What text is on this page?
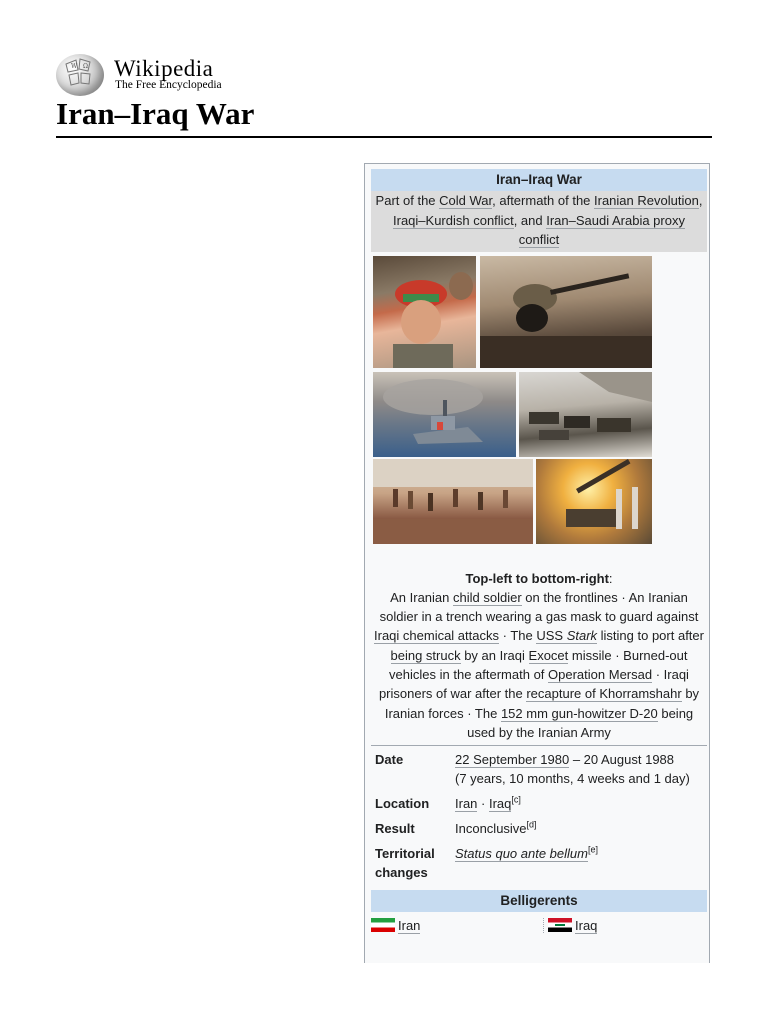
W Ω Wikipedia
The Free Encyclopedia
Iran–Iraq War
Iran–Iraq War
Part of the Cold War, aftermath of the Iranian Revolution, Iraqi–Kurdish conflict, and Iran–Saudi Arabia proxy conflict
Top-left to bottom-right:
An Iranian child soldier on the frontlines · An Iranian soldier in a trench wearing a gas mask to guard against Iraqi chemical attacks · The USS Stark listing to port after being struck by an Iraqi Exocet missile · Burned-out vehicles in the aftermath of Operation Mersad · Iraqi prisoners of war after the recapture of Khorramshahr by Iranian forces · The 152 mm gun-howitzer D-20 being used by the Iranian Army
Date	22 September 1980 – 20 August 1988
(7 years, 10 months, 4 weeks and 1 day)
Location	Iran · Iraq[c]
Result	Inconclusive[d]
Territorial changes	Status quo ante bellum[e]
Belligerents
Iran	Iraq
